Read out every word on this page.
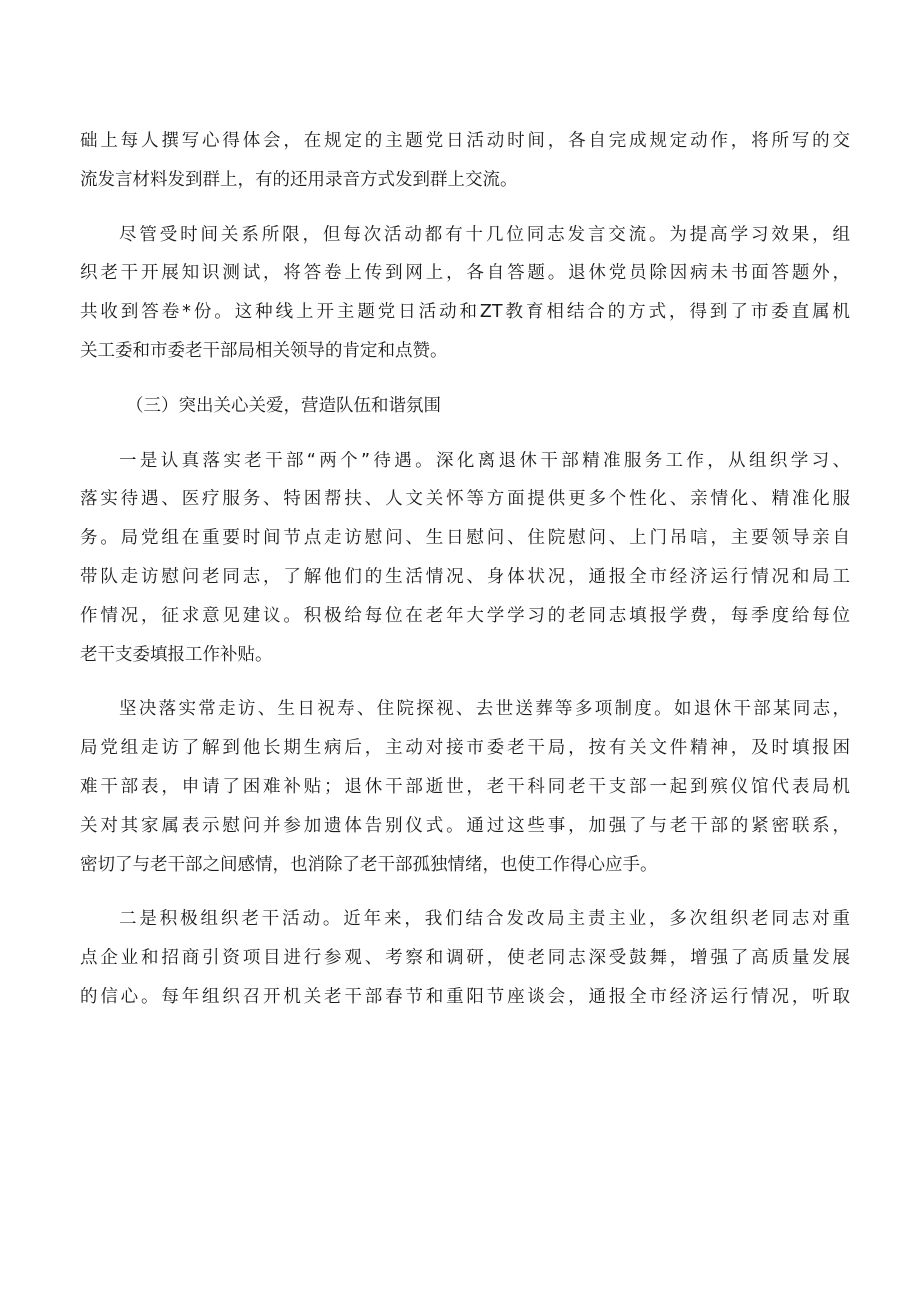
础上每人撰写心得体会，在规定的主题党日活动时间，各自完成规定动作，将所写的交
流发言材料发到群上，有的还用录音方式发到群上交流。
尽管受时间关系所限，但每次活动都有十几位同志发言交流。为提高学习效果，组
织老干开展知识测试，将答卷上传到网上，各自答题。退休党员除因病未书面答题外，
共收到答卷*份。这种线上开主题党日活动和ZT教育相结合的方式，得到了市委直属机
关工委和市委老干部局相关领导的肯定和点赞。
（三）突出关心关爱，营造队伍和谐氛围
一是认真落实老干部“两个”待遇。深化离退休干部精准服务工作，从组织学习、
落实待遇、医疗服务、特困帮扶、人文关怀等方面提供更多个性化、亲情化、精准化服
务。局党组在重要时间节点走访慰问、生日慰问、住院慰问、上门吊唁，主要领导亲自
带队走访慰问老同志，了解他们的生活情况、身体状况，通报全市经济运行情况和局工
作情况，征求意见建议。积极给每位在老年大学学习的老同志填报学费，每季度给每位
老干支委填报工作补贴。
坚决落实常走访、生日祝寿、住院探视、去世送葬等多项制度。如退休干部某同志，
局党组走访了解到他长期生病后，主动对接市委老干局，按有关文件精神，及时填报困
难干部表，申请了困难补贴；退休干部逝世，老干科同老干支部一起到殡仪馆代表局机
关对其家属表示慰问并参加遗体告别仪式。通过这些事，加强了与老干部的紧密联系，
密切了与老干部之间感情，也消除了老干部孤独情绪，也使工作得心应手。
二是积极组织老干活动。近年来，我们结合发改局主责主业，多次组织老同志对重
点企业和招商引资项目进行参观、考察和调研，使老同志深受鼓舞，增强了高质量发展
的信心。每年组织召开机关老干部春节和重阳节座谈会，通报全市经济运行情况，听取
